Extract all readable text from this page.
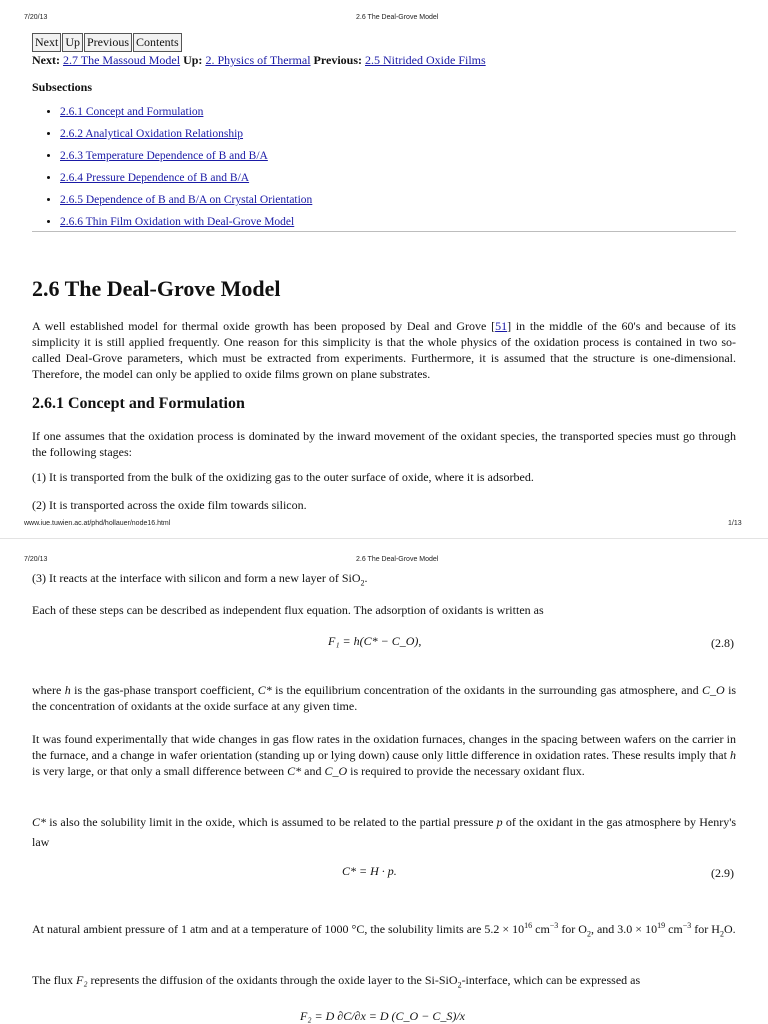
7/20/13	2.6 The Deal-Grove Model
Next Up Previous Contents
Next: 2.7 The Massoud Model Up: 2. Physics of Thermal Previous: 2.5 Nitrided Oxide Films
Subsections
• 2.6.1 Concept and Formulation
• 2.6.2 Analytical Oxidation Relationship
• 2.6.3 Temperature Dependence of B and B/A
• 2.6.4 Pressure Dependence of B and B/A
• 2.6.5 Dependence of B and B/A on Crystal Orientation
• 2.6.6 Thin Film Oxidation with Deal-Grove Model
2.6 The Deal-Grove Model
A well established model for thermal oxide growth has been proposed by Deal and Grove [51] in the middle of the 60's and because of its simplicity it is still applied frequently. One reason for this simplicity is that the whole physics of the oxidation process is contained in two so-called Deal-Grove parameters, which must be extracted from experiments. Furthermore, it is assumed that the structure is one-dimensional. Therefore, the model can only be applied to oxide films grown on plane substrates.
2.6.1 Concept and Formulation
If one assumes that the oxidation process is dominated by the inward movement of the oxidant species, the transported species must go through the following stages:
(1) It is transported from the bulk of the oxidizing gas to the outer surface of oxide, where it is adsorbed.
(2) It is transported across the oxide film towards silicon.
www.iue.tuwien.ac.at/phd/hollauer/node16.html	1/13
7/20/13	2.6 The Deal-Grove Model
(3) It reacts at the interface with silicon and form a new layer of SiO$_2$.
Each of these steps can be described as independent flux equation. The adsorption of oxidants is written as
F₁ = h(C* − C_O),	(2.8)
where h is the gas-phase transport coefficient, C* is the equilibrium concentration of the oxidants in the surrounding gas atmosphere, and C_O is the concentration of oxidants at the oxide surface at any given time.
It was found experimentally that wide changes in gas flow rates in the oxidation furnaces, changes in the spacing between wafers on the carrier in the furnace, and a change in wafer orientation (standing up or lying down) cause only little difference in oxidation rates. These results imply that h is very large, or that only a small difference between C* and C_O is required to provide the necessary oxidant flux.
C* is also the solubility limit in the oxide, which is assumed to be related to the partial pressure p of the oxidant in the gas atmosphere by Henry's law
C* = H · p.	(2.9)
At natural ambient pressure of 1 atm and at a temperature of 1000 °C, the solubility limits are $5.2 \times 10^{16}$ $cm^{-3}$ for $O_2$, and $3.0 \times 10^{19}$ $cm^{-3}$ for $H_2O$.
The flux F₂ represents the diffusion of the oxidants through the oxide layer to the Si-SiO$_2$-interface, which can be expressed as
F₂ = D ∂C/∂x = D (C_O − C_S)/x
